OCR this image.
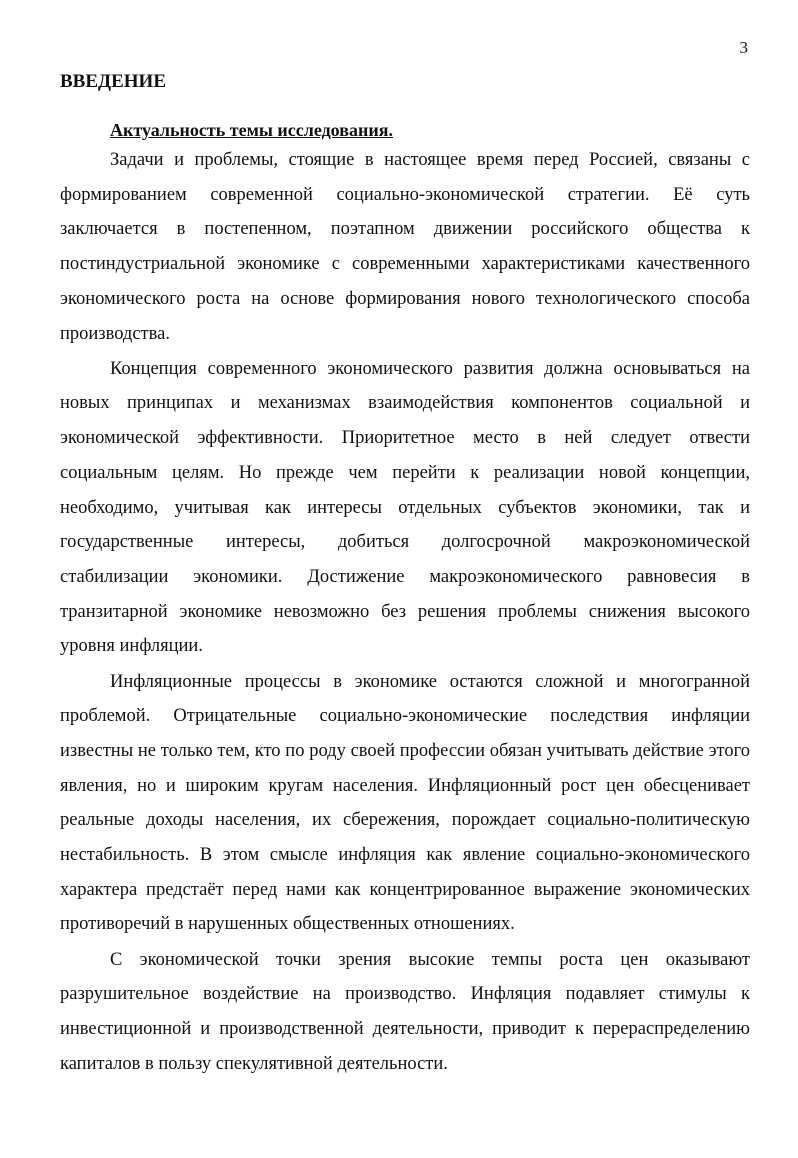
3
ВВЕДЕНИЕ
Актуальность темы исследования.

Задачи и проблемы, стоящие в настоящее время перед Россией, связаны с формированием современной социально-экономической стратегии. Её суть заключается в постепенном, поэтапном движении российского общества к постиндустриальной экономике с современными характеристиками качественного экономического роста на основе формирования нового технологического способа производства.

Концепция современного экономического развития должна основываться на новых принципах и механизмах взаимодействия компонентов социальной и экономической эффективности. Приоритетное место в ней следует отвести социальным целям. Но прежде чем перейти к реализации новой концепции, необходимо, учитывая как интересы отдельных субъектов экономики, так и государственные интересы, добиться долгосрочной макроэкономической стабилизации экономики. Достижение макроэкономического равновесия в транзитарной экономике невозможно без решения проблемы снижения высокого уровня инфляции.

Инфляционные процессы в экономике остаются сложной и многогранной проблемой. Отрицательные социально-экономические последствия инфляции известны не только тем, кто по роду своей профессии обязан учитывать действие этого явления, но и широким кругам населения. Инфляционный рост цен обесценивает реальные доходы населения, их сбережения, порождает социально-политическую нестабильность. В этом смысле инфляция как явление социально-экономического характера предстаёт перед нами как концентрированное выражение экономических противоречий в нарушенных общественных отношениях.

С экономической точки зрения высокие темпы роста цен оказывают разрушительное воздействие на производство. Инфляция подавляет стимулы к инвестиционной и производственной деятельности, приводит к перераспределению капиталов в пользу спекулятивной деятельности.
